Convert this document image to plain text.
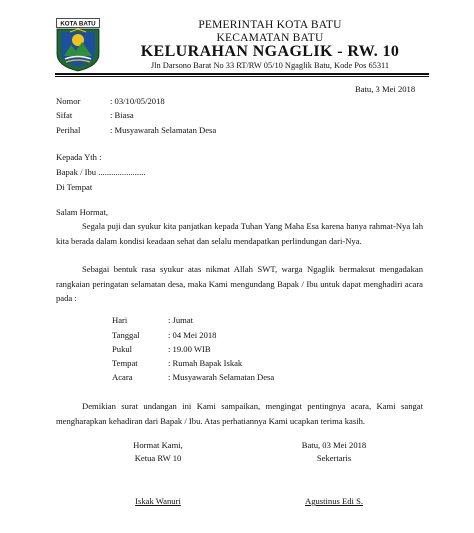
KOTA BATU	PEMERINTAH KOTA BATU
KECAMATAN BATU
KELURAHAN NGAGLIK - RW. 10
Jln Darsono Barat No 33 RT/RW 05/10 Ngaglik Batu, Kode Pos 65311
Batu, 3 Mei 2018
Nomor	: 03/10/05/2018
Sifat	: Biasa
Perihal	: Musyawarah Selamatan Desa
Kepada Yth :
Bapak / Ibu ......................
Di Tempat
Salam Hormat,
Segala puji dan syukur kita panjatkan kepada Tuhan Yang Maha Esa karena hanya rahmat-Nya lah kita berada dalam kondisi keadaan sehat dan selalu mendapatkan perlindungan dari-Nya.
Sebagai bentuk rasa syukur atas nikmat Allah SWT, warga Ngaglik bermaksut mengadakan rangkaian peringatan selamatan desa, maka Kami mengundang Bapak / Ibu untuk dapat menghadiri acara pada :
Hari	: Jumat
Tanggal	: 04 Mei 2018
Pukul	: 19.00 WIB
Tempat	: Rumah Bapak Iskak
Acara	: Musyawarah Selamatan Desa
Demikian surat undangan ini Kami sampaikan, mengingat pentingnya acara, Kami sangat mengharapkan kehadiran dari Bapak / Ibu. Atas perhatiannya Kami ucapkan terima kasih.
Hormat Kami,
Ketua RW 10
Iskak Wanuri
Batu, 03 Mei 2018
Sekertaris
Agustinus Edi S.
